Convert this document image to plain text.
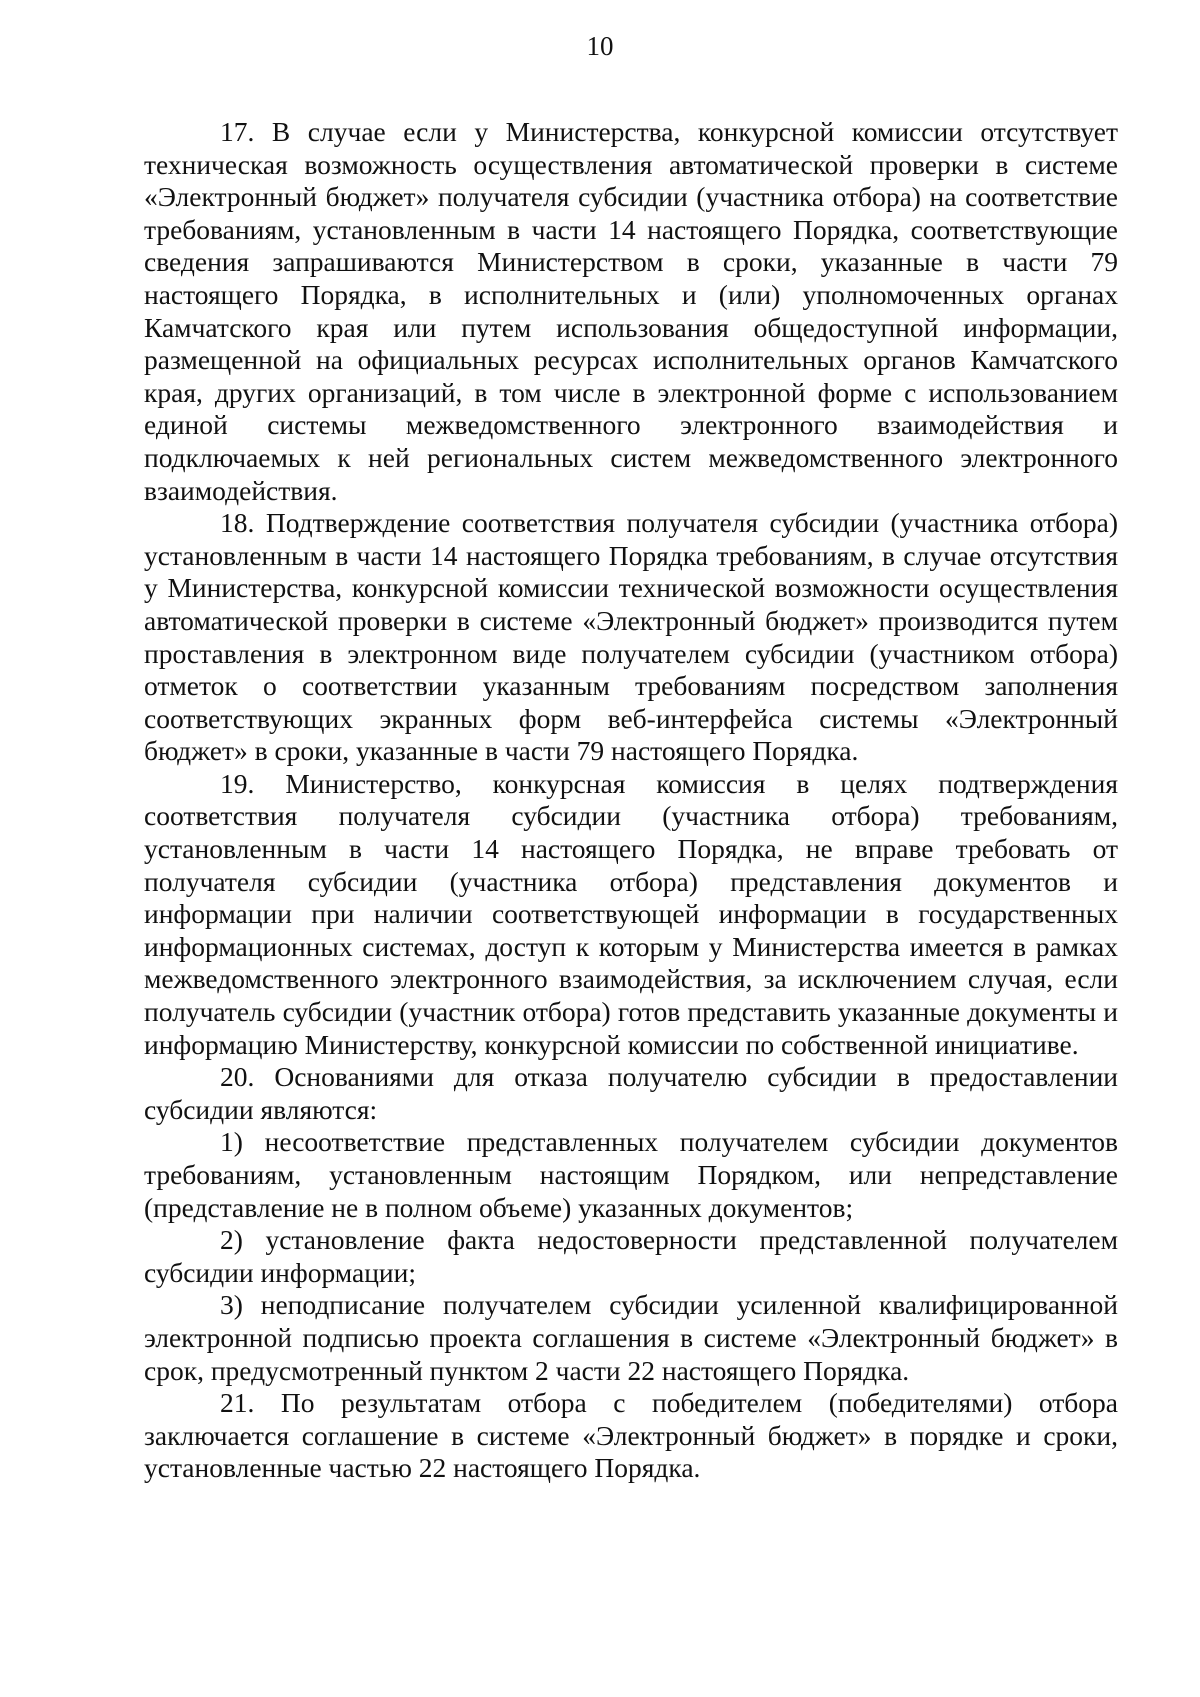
10

17. В случае если у Министерства, конкурсной комиссии отсутствует техническая возможность осуществления автоматической проверки в системе «Электронный бюджет» получателя субсидии (участника отбора) на соответствие требованиям, установленным в части 14 настоящего Порядка, соответствующие сведения запрашиваются Министерством в сроки, указанные в части 79 настоящего Порядка, в исполнительных и (или) уполномоченных органах Камчатского края или путем использования общедоступной информации, размещенной на официальных ресурсах исполнительных органов Камчатского края, других организаций, в том числе в электронной форме с использованием единой системы межведомственного электронного взаимодействия и подключаемых к ней региональных систем межведомственного электронного взаимодействия.

18. Подтверждение соответствия получателя субсидии (участника отбора) установленным в части 14 настоящего Порядка требованиям, в случае отсутствия у Министерства, конкурсной комиссии технической возможности осуществления автоматической проверки в системе «Электронный бюджет» производится путем проставления в электронном виде получателем субсидии (участником отбора) отметок о соответствии указанным требованиям посредством заполнения соответствующих экранных форм веб-интерфейса системы «Электронный бюджет» в сроки, указанные в части 79 настоящего Порядка.

19. Министерство, конкурсная комиссия в целях подтверждения соответствия получателя субсидии (участника отбора) требованиям, установленным в части 14 настоящего Порядка, не вправе требовать от получателя субсидии (участника отбора) представления документов и информации при наличии соответствующей информации в государственных информационных системах, доступ к которым у Министерства имеется в рамках межведомственного электронного взаимодействия, за исключением случая, если получатель субсидии (участник отбора) готов представить указанные документы и информацию Министерству, конкурсной комиссии по собственной инициативе.

20. Основаниями для отказа получателю субсидии в предоставлении субсидии являются:

1) несоответствие представленных получателем субсидии документов требованиям, установленным настоящим Порядком, или непредставление (представление не в полном объеме) указанных документов;

2) установление факта недостоверности представленной получателем субсидии информации;

3) неподписание получателем субсидии усиленной квалифицированной электронной подписью проекта соглашения в системе «Электронный бюджет» в срок, предусмотренный пунктом 2 части 22 настоящего Порядка.

21. По результатам отбора с победителем (победителями) отбора заключается соглашение в системе «Электронный бюджет» в порядке и сроки, установленные частью 22 настоящего Порядка.
